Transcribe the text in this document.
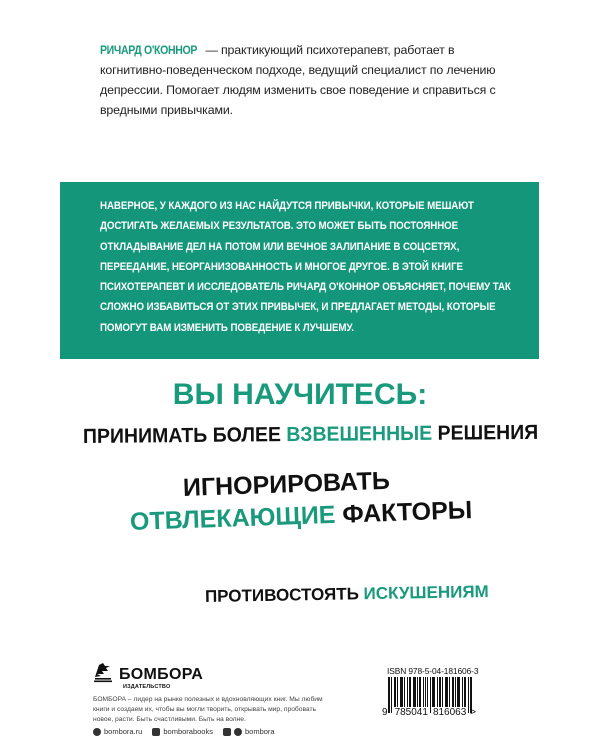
РИЧАРД О'КОННОР — практикующий психотерапевт, работает в когнитивно-поведенческом подходе, ведущий специалист по лечению депрессии. Помогает людям изменить свое поведение и справиться с вредными привычками.
НАВЕРНОЕ, У КАЖДОГО ИЗ НАС НАЙДУТСЯ ПРИВЫЧКИ, КОТОРЫЕ МЕШАЮТ ДОСТИГАТЬ ЖЕЛАЕМЫХ РЕЗУЛЬТАТОВ. ЭТО МОЖЕТ БЫТЬ ПОСТОЯННОЕ ОТКЛАДЫВАНИЕ ДЕЛ НА ПОТОМ ИЛИ ВЕЧНОЕ ЗАЛИПАНИЕ В СОЦСЕТЯХ, ПЕРЕЕДАНИЕ, НЕОРГАНИЗОВАННОСТЬ И МНОГОЕ ДРУГОЕ. В ЭТОЙ КНИГЕ ПСИХОТЕРАПЕВТ И ИССЛЕДОВАТЕЛЬ РИЧАРД О'КОННОР ОБЪЯСНЯЕТ, ПОЧЕМУ ТАК СЛОЖНО ИЗБАВИТЬСЯ ОТ ЭТИХ ПРИВЫЧЕК, И ПРЕДЛАГАЕТ МЕТОДЫ, КОТОРЫЕ ПОМОГУТ ВАМ ИЗМЕНИТЬ ПОВЕДЕНИЕ К ЛУЧШЕМУ.
ВЫ НАУЧИТЕСЬ:
ПРИНИМАТЬ БОЛЕЕ ВЗВЕШЕННЫЕ РЕШЕНИЯ
ИГНОРИРОВАТЬ
ОТВЛЕКАЮЩИЕ ФАКТОРЫ
ПРОТИВОСТОЯТЬ ИСКУШЕНИЯМ
БОМБОРА
ИЗДАТЕЛЬСТВО
БОМБОРА – лидер на рынке полезных и вдохновляющих книг. Мы любим книги и создаем их, чтобы вы могли творить, открывать мир, пробовать новое, расти. Быть счастливыми. Быть на волне.
bombora.ru	bomborabooks	bombora
ISBN 978-5-04-181606-3
9 785041 816063 >
